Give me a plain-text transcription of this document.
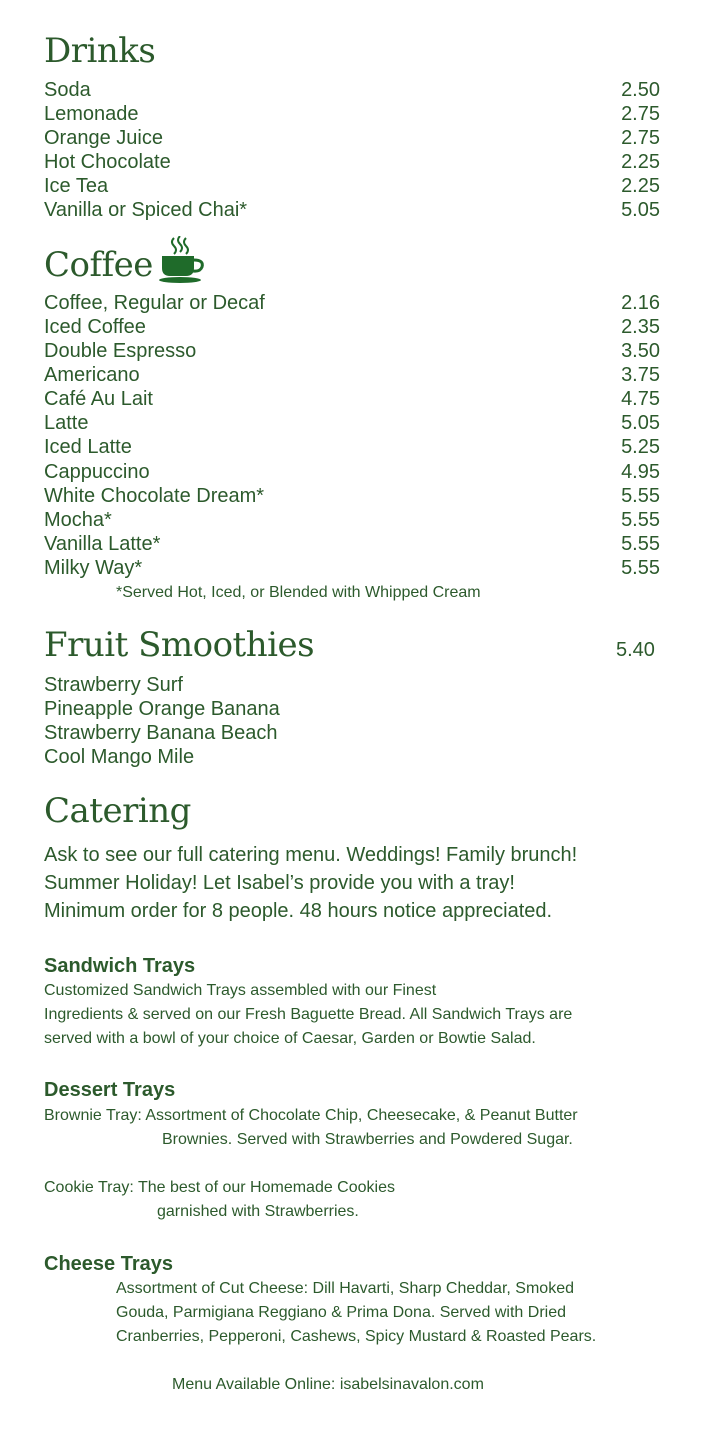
Drinks
Soda	2.50
Lemonade	2.75
Orange Juice	2.75
Hot Chocolate	2.25
Ice Tea	2.25
Vanilla or Spiced Chai*	5.05
Coffee
Coffee, Regular or Decaf	2.16
Iced Coffee	2.35
Double Espresso	3.50
Americano	3.75
Café Au Lait	4.75
Latte	5.05
Iced Latte	5.25
Cappuccino	4.95
White Chocolate Dream*	5.55
Mocha*	5.55
Vanilla Latte*	5.55
Milky Way*	5.55
*Served Hot, Iced, or Blended with Whipped Cream
Fruit Smoothies	5.40
Strawberry Surf
Pineapple Orange Banana
Strawberry Banana Beach
Cool Mango Mile
Catering
Ask to see our full catering menu. Weddings! Family brunch!
Summer Holiday! Let Isabel’s provide you with a tray!
Minimum order for 8 people. 48 hours notice appreciated.
Sandwich Trays
Customized Sandwich Trays assembled with our Finest
Ingredients & served on our Fresh Baguette Bread. All Sandwich Trays are
served with a bowl of your choice of Caesar, Garden or Bowtie Salad.
Dessert Trays
Brownie Tray: Assortment of Chocolate Chip, Cheesecake, & Peanut Butter
Brownies. Served with Strawberries and Powdered Sugar.
Cookie Tray: The best of our Homemade Cookies
garnished with Strawberries.
Cheese Trays
Assortment of Cut Cheese: Dill Havarti, Sharp Cheddar, Smoked
Gouda, Parmigiana Reggiano & Prima Dona. Served with Dried
Cranberries, Pepperoni, Cashews, Spicy Mustard & Roasted Pears.
Menu Available Online: isabelsinavalon.com
